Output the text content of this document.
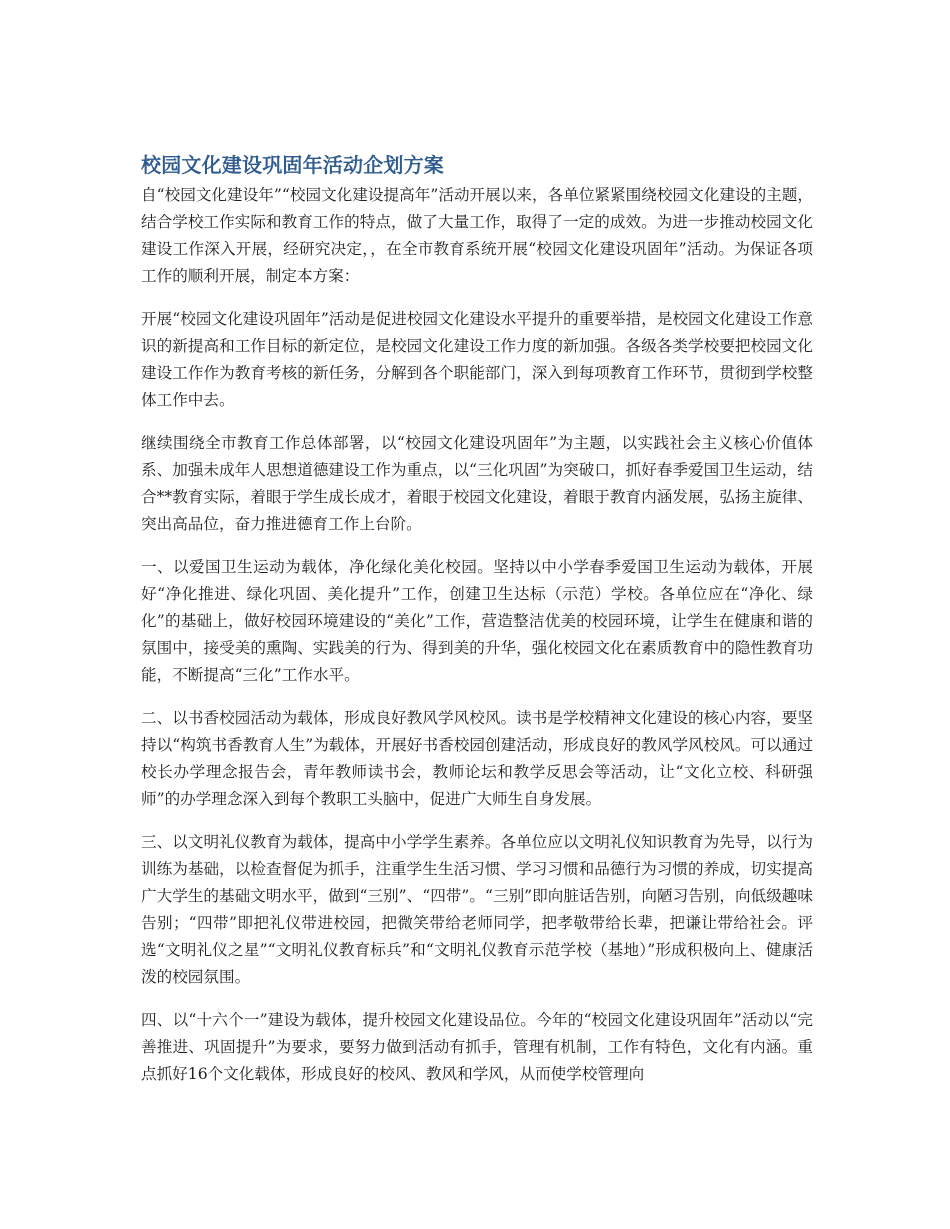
校园文化建设巩固年活动企划方案

自“校园文化建设年”“校园文化建设提高年”活动开展以来，各单位紧紧围绕校园文化建设的主题，结合学校工作实际和教育工作的特点，做了大量工作，取得了一定的成效。为进一步推动校园文化建设工作深入开展，经研究决定，，在全市教育系统开展“校园文化建设巩固年”活动。为保证各项工作的顺利开展，制定本方案：

开展“校园文化建设巩固年”活动是促进校园文化建设水平提升的重要举措，是校园文化建设工作意识的新提高和工作目标的新定位，是校园文化建设工作力度的新加强。各级各类学校要把校园文化建设工作作为教育考核的新任务，分解到各个职能部门，深入到每项教育工作环节，贯彻到学校整体工作中去。

继续围绕全市教育工作总体部署，以“校园文化建设巩固年”为主题，以实践社会主义核心价值体系、加强未成年人思想道德建设工作为重点，以“三化巩固”为突破口，抓好春季爱国卫生运动，结合**教育实际，着眼于学生成长成才，着眼于校园文化建设，着眼于教育内涵发展，弘扬主旋律、突出高品位，奋力推进德育工作上台阶。

一、以爱国卫生运动为载体，净化绿化美化校园。坚持以中小学春季爱国卫生运动为载体，开展好“净化推进、绿化巩固、美化提升”工作，创建卫生达标（示范）学校。各单位应在“净化、绿化”的基础上，做好校园环境建设的“美化”工作，营造整洁优美的校园环境，让学生在健康和谐的氛围中，接受美的熏陶、实践美的行为、得到美的升华，强化校园文化在素质教育中的隐性教育功能，不断提高“三化”工作水平。

二、以书香校园活动为载体，形成良好教风学风校风。读书是学校精神文化建设的核心内容，要坚持以“构筑书香教育人生”为载体，开展好书香校园创建活动，形成良好的教风学风校风。可以通过校长办学理念报告会，青年教师读书会，教师论坛和教学反思会等活动，让“文化立校、科研强师”的办学理念深入到每个教职工头脑中，促进广大师生自身发展。

三、以文明礼仪教育为载体，提高中小学学生素养。各单位应以文明礼仪知识教育为先导，以行为训练为基础，以检查督促为抓手，注重学生生活习惯、学习习惯和品德行为习惯的养成，切实提高广大学生的基础文明水平，做到“三别”、“四带”。“三别”即向脏话告别，向陋习告别，向低级趣味告别；“四带”即把礼仪带进校园，把微笑带给老师同学，把孝敬带给长辈，把谦让带给社会。评选“文明礼仪之星”“文明礼仪教育标兵”和“文明礼仪教育示范学校（基地）”形成积极向上、健康活泼的校园氛围。

四、以“十六个一”建设为载体，提升校园文化建设品位。今年的“校园文化建设巩固年”活动以“完善推进、巩固提升”为要求，要努力做到活动有抓手，管理有机制，工作有特色，文化有内涵。重点抓好16个文化载体，形成良好的校风、教风和学风，从而使学校管理向
